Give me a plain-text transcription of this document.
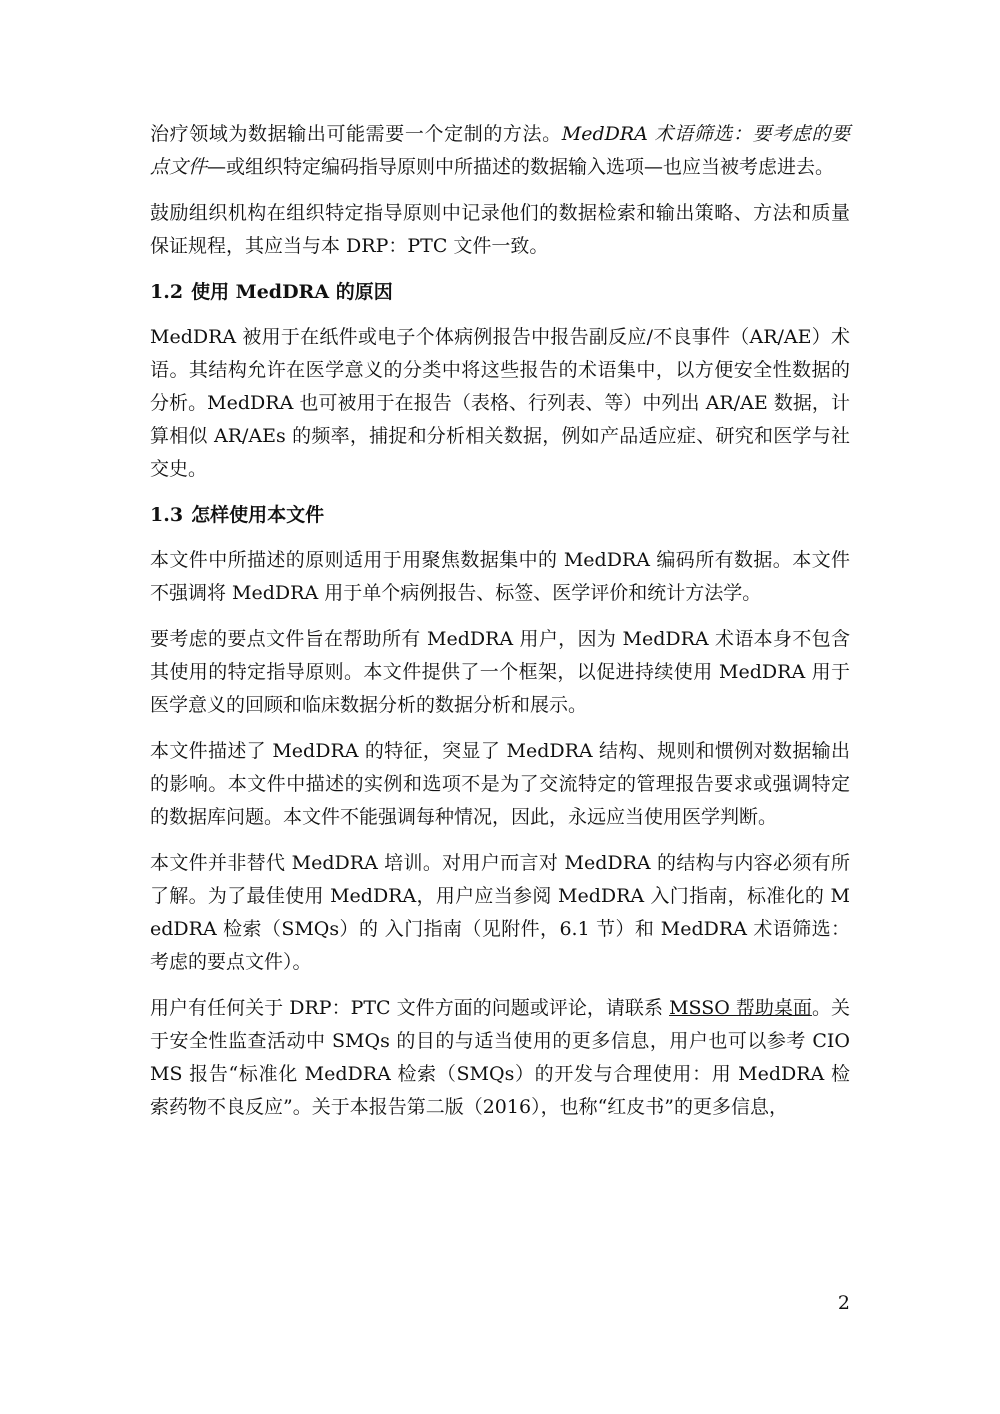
治疗领域为数据输出可能需要一个定制的方法。MedDRA 术语筛选：要考虑的要点文件—或组织特定编码指导原则中所描述的数据输入选项—也应当被考虑进去。

鼓励组织机构在组织特定指导原则中记录他们的数据检索和输出策略、方法和质量保证规程，其应当与本 DRP：PTC 文件一致。

1.2 使用 MedDRA 的原因

MedDRA 被用于在纸件或电子个体病例报告中报告副反应/不良事件（AR/AE）术语。其结构允许在医学意义的分类中将这些报告的术语集中，以方便安全性数据的分析。MedDRA 也可被用于在报告（表格、行列表、等）中列出 AR/AE 数据，计算相似 AR/AEs 的频率，捕捉和分析相关数据，例如产品适应症、研究和医学与社交史。

1.3 怎样使用本文件

本文件中所描述的原则适用于用聚焦数据集中的 MedDRA 编码所有数据。本文件不强调将 MedDRA 用于单个病例报告、标签、医学评价和统计方法学。

要考虑的要点文件旨在帮助所有 MedDRA 用户，因为 MedDRA 术语本身不包含其使用的特定指导原则。本文件提供了一个框架，以促进持续使用 MedDRA 用于医学意义的回顾和临床数据分析的数据分析和展示。

本文件描述了 MedDRA 的特征，突显了 MedDRA 结构、规则和惯例对数据输出的影响。本文件中描述的实例和选项不是为了交流特定的管理报告要求或强调特定的数据库问题。本文件不能强调每种情况，因此，永远应当使用医学判断。

本文件并非替代 MedDRA 培训。对用户而言对 MedDRA 的结构与内容必须有所了解。为了最佳使用 MedDRA，用户应当参阅 MedDRA 入门指南，标准化的 MedDRA 检索（SMQs）的 入门指南（见附件，6.1 节）和 MedDRA 术语筛选：考虑的要点文件）。

用户有任何关于 DRP：PTC 文件方面的问题或评论，请联系 MSSO 帮助桌面。关于安全性监查活动中 SMQs 的目的与适当使用的更多信息，用户也可以参考 CIOMS 报告“标准化 MedDRA 检索（SMQs）的开发与合理使用：用 MedDRA 检索药物不良反应”。关于本报告第二版（2016），也称“红皮书”的更多信息，

2
